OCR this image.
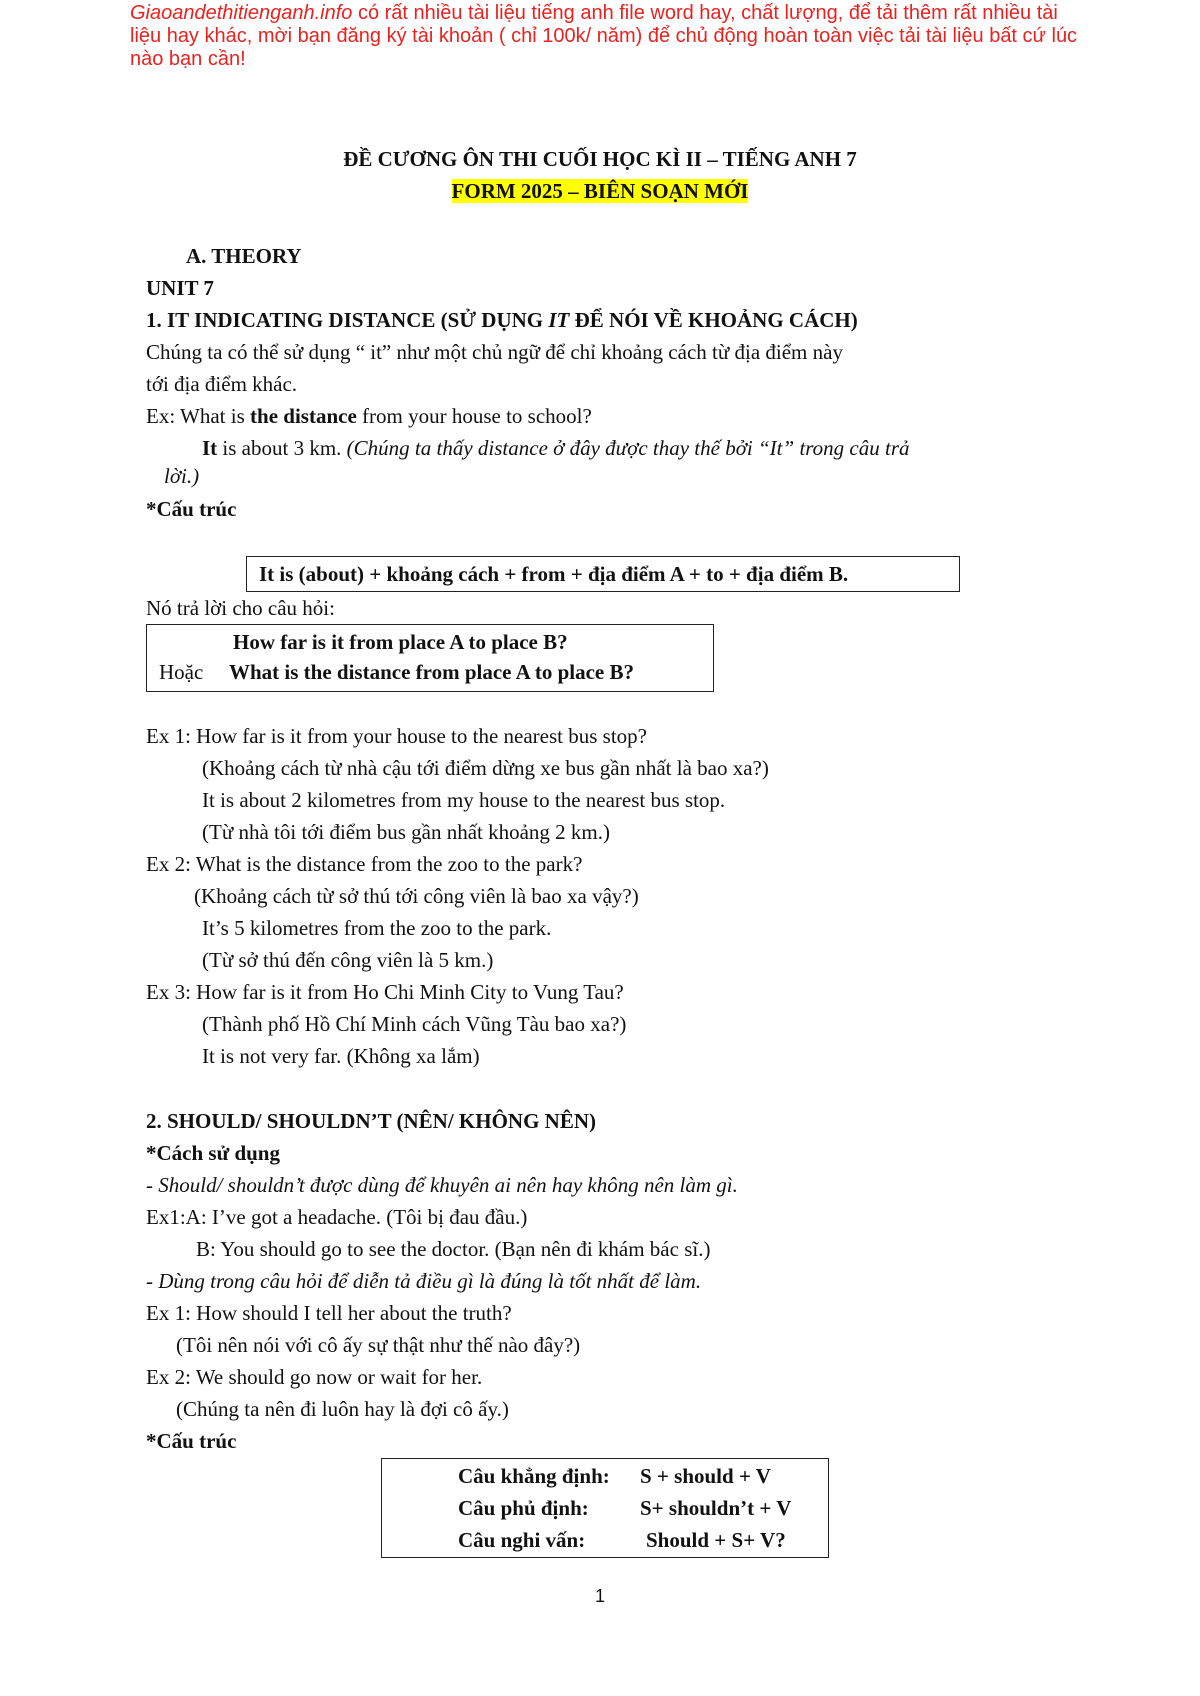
Giaoandethitienganh.info có rất nhiều tài liệu tiếng anh file word hay, chất lượng, để tải thêm rất nhiều tài liệu hay khác, mời bạn đăng ký tài khoản ( chỉ 100k/ năm) để chủ động hoàn toàn việc tải tài liệu bất cứ lúc nào bạn cần!
ĐỀ CƯƠNG ÔN THI CUỐI HỌC KÌ II – TIẾNG ANH 7
FORM 2025 – BIÊN SOẠN MỚI
A. THEORY
UNIT 7
1. IT INDICATING DISTANCE (SỬ DỤNG IT ĐỂ NÓI VỀ KHOẢNG CÁCH)
Chúng ta có thể sử dụng “ it” như một chủ ngữ để chỉ khoảng cách từ địa điểm này
tới địa điểm khác.
Ex: What is the distance from your house to school?
It is about 3 km. (Chúng ta thấy distance ở đây được thay thế bởi “It” trong câu trả
lời.)
*Cấu trúc
It is (about) + khoảng cách + from + địa điểm A + to + địa điểm B.
Nó trả lời cho câu hỏi:
How far is it from place A to place B?
Hoặc What is the distance from place A to place B?
Ex 1: How far is it from your house to the nearest bus stop?
(Khoảng cách từ nhà cậu tới điểm dừng xe bus gần nhất là bao xa?)
It is about 2 kilometres from my house to the nearest bus stop.
(Từ nhà tôi tới điểm bus gần nhất khoảng 2 km.)
Ex 2: What is the distance from the zoo to the park?
(Khoảng cách từ sở thú tới công viên là bao xa vậy?)
It’s 5 kilometres from the zoo to the park.
(Từ sở thú đến công viên là 5 km.)
Ex 3: How far is it from Ho Chi Minh City to Vung Tau?
(Thành phố Hồ Chí Minh cách Vũng Tàu bao xa?)
It is not very far. (Không xa lắm)
2. SHOULD/ SHOULDN’T (NÊN/ KHÔNG NÊN)
*Cách sử dụng
- Should/ shouldn’t được dùng để khuyên ai nên hay không nên làm gì.
Ex1:A: I’ve got a headache. (Tôi bị đau đầu.)
B: You should go to see the doctor. (Bạn nên đi khám bác sĩ.)
- Dùng trong câu hỏi để diễn tả điều gì là đúng là tốt nhất để làm.
Ex 1: How should I tell her about the truth?
(Tôi nên nói với cô ấy sự thật như thế nào đây?)
Ex 2: We should go now or wait for her.
(Chúng ta nên đi luôn hay là đợi cô ấy.)
*Cấu trúc
Câu khẳng định: S + should + V
Câu phủ định: S+ shouldn’t + V
Câu nghi vấn:	Should + S+ V?
1
